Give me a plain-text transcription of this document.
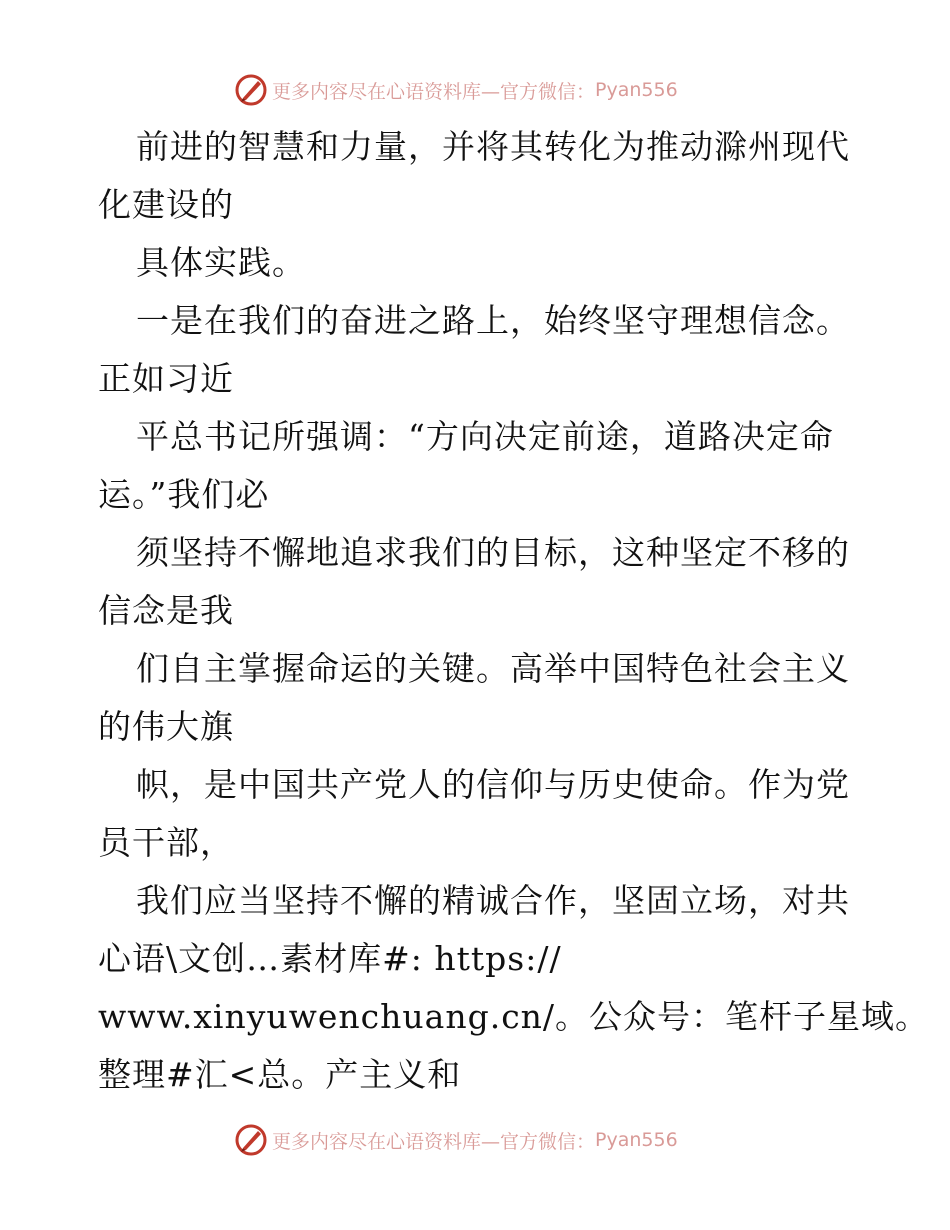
更多内容尽在心语资料库—官方微信： Pyan556
前进的智慧和力量，并将其转化为推动滁州现代
化建设的
具体实践。
一是在我们的奋进之路上，始终坚守理想信念。
正如习近
平总书记所强调：“方向决定前途，道路决定命
运。”我们必
须坚持不懈地追求我们的目标，这种坚定不移的
信念是我
们自主掌握命运的关键。高举中国特色社会主义
的伟大旗
帜，是中国共产党人的信仰与历史使命。作为党
员干部，
我们应当坚持不懈的精诚合作，坚固立场，对共
心语\文创…素材库#: https://
www.xinyuwenchuang.cn/。公众号：笔杆子星域。
整理#汇<总。产主义和
更多内容尽在心语资料库—官方微信： Pyan556
